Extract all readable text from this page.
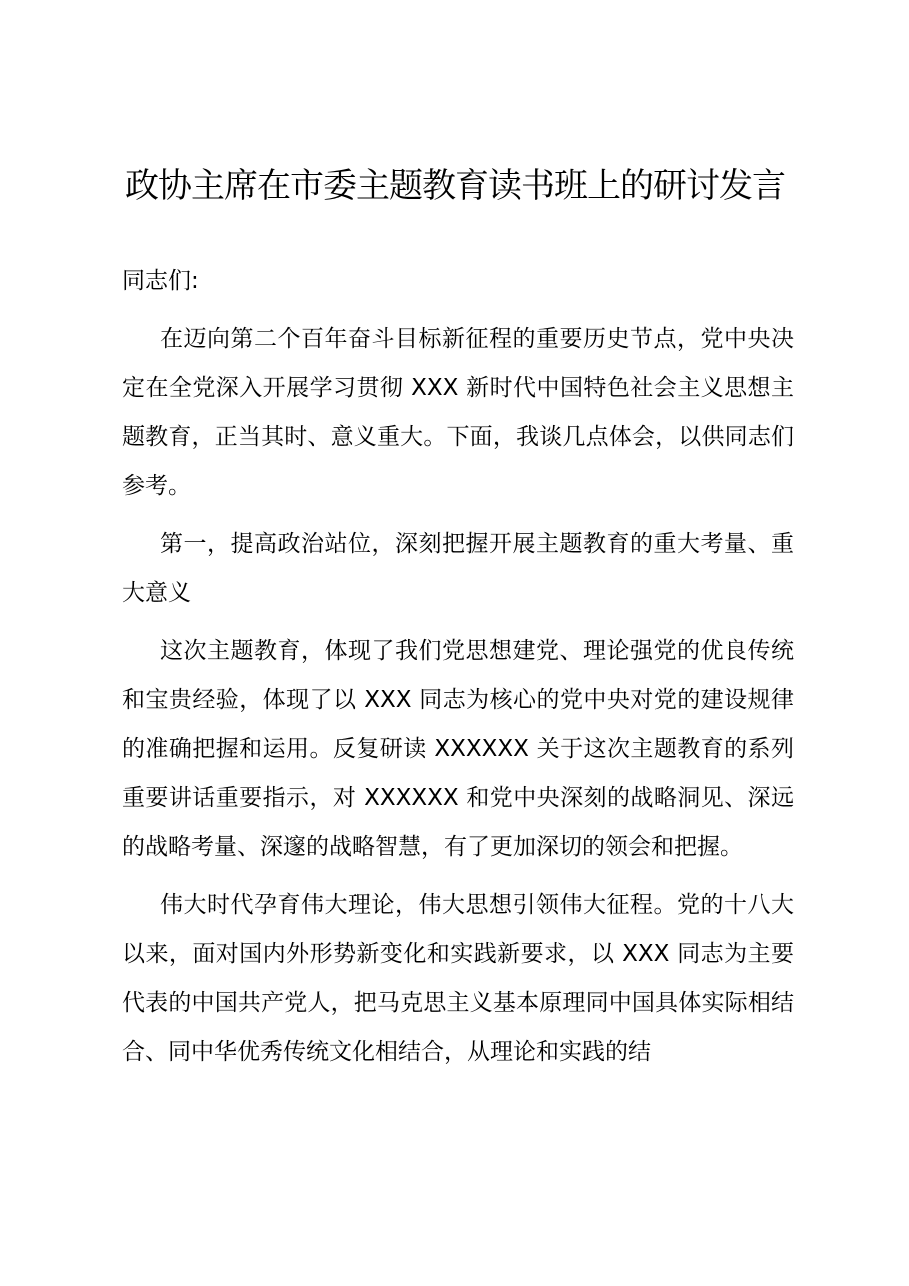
政协主席在市委主题教育读书班上的研讨发言

同志们:

在迈向第二个百年奋斗目标新征程的重要历史节点，党中央决定在全党深入开展学习贯彻 XXX 新时代中国特色社会主义思想主题教育，正当其时、意义重大。下面，我谈几点体会，以供同志们参考。

第一，提高政治站位，深刻把握开展主题教育的重大考量、重大意义

这次主题教育，体现了我们党思想建党、理论强党的优良传统和宝贵经验，体现了以 XXX 同志为核心的党中央对党的建设规律的准确把握和运用。反复研读 XXXXXX 关于这次主题教育的系列重要讲话重要指示，对 XXXXXX 和党中央深刻的战略洞见、深远的战略考量、深邃的战略智慧，有了更加深切的领会和把握。

伟大时代孕育伟大理论，伟大思想引领伟大征程。党的十八大以来，面对国内外形势新变化和实践新要求，以 XXX 同志为主要代表的中国共产党人，把马克思主义基本原理同中国具体实际相结合、同中华优秀传统文化相结合，从理论和实践的结
